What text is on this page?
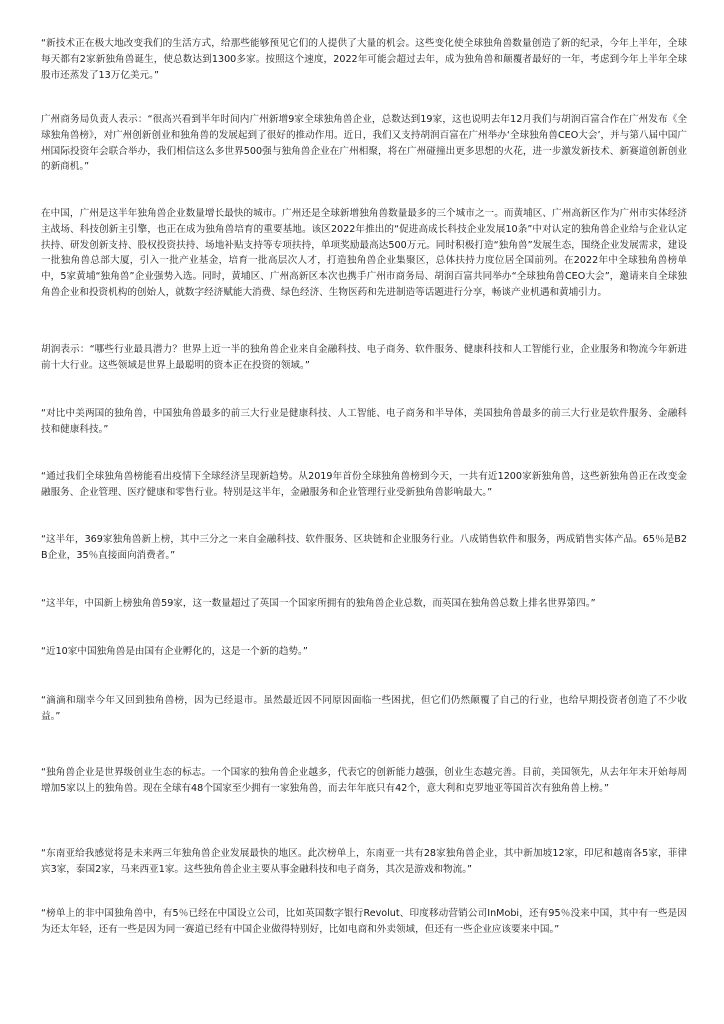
“新技术正在极大地改变我们的生活方式，给那些能够预见它们的人提供了大量的机会。这些变化使全球独角兽数量创造了新的纪录，今年上半年，全球每天都有2家新独角兽诞生，使总数达到1300多家。按照这个速度，2022年可能会超过去年，成为独角兽和颠覆者最好的一年，考虑到今年上半年全球股市还蒸发了13万亿美元。”

广州商务局负责人表示：“很高兴看到半年时间内广州新增9家全球独角兽企业，总数达到19家，这也说明去年12月我们与胡润百富合作在广州发布《全球独角兽榜》，对广州创新创业和独角兽的发展起到了很好的推动作用。近日，我们又支持胡润百富在广州举办‘全球独角兽CEO大会’，并与第八届中国广州国际投资年会联合举办，我们相信这么多世界500强与独角兽企业在广州相聚，将在广州碰撞出更多思想的火花，进一步激发新技术、新赛道创新创业的新商机。”

在中国，广州是这半年独角兽企业数量增长最快的城市。广州还是全球新增独角兽数量最多的三个城市之一。而黄埔区、广州高新区作为广州市实体经济主战场、科技创新主引擎，也正在成为独角兽培育的重要基地。该区2022年推出的“促进高成长科技企业发展10条”中对认定的独角兽企业给与企业认定扶持、研发创新支持、股权投资扶持、场地补贴支持等专项扶持，单项奖励最高达500万元。同时积极打造“独角兽”发展生态，围绕企业发展需求，建设一批独角兽总部大厦，引入一批产业基金，培育一批高层次人才，打造独角兽企业集聚区，总体扶持力度位居全国前列。在2022年中全球独角兽榜单中，5家黄埔“独角兽”企业强势入选。同时，黄埔区、广州高新区本次也携手广州市商务局、胡润百富共同举办“全球独角兽CEO大会”，邀请来自全球独角兽企业和投资机构的创始人，就数字经济赋能大消费、绿色经济、生物医药和先进制造等话题进行分享，畅谈产业机遇和黄埔引力。

胡润表示：“哪些行业最具潜力？世界上近一半的独角兽企业来自金融科技、电子商务、软件服务、健康科技和人工智能行业，企业服务和物流今年新进前十大行业。这些领域是世界上最聪明的资本正在投资的领域。”

“对比中美两国的独角兽，中国独角兽最多的前三大行业是健康科技、人工智能、电子商务和半导体，美国独角兽最多的前三大行业是软件服务、金融科技和健康科技。”

“通过我们全球独角兽榜能看出疫情下全球经济呈现新趋势。从2019年首份全球独角兽榜到今天，一共有近1200家新独角兽，这些新独角兽正在改变金融服务、企业管理、医疗健康和零售行业。特别是这半年，金融服务和企业管理行业受新独角兽影响最大。”

“这半年，369家独角兽新上榜，其中三分之一来自金融科技、软件服务、区块链和企业服务行业。八成销售软件和服务，两成销售实体产品。65％是B2B企业，35％直接面向消费者。”

“这半年，中国新上榜独角兽59家，这一数量超过了英国一个国家所拥有的独角兽企业总数，而英国在独角兽总数上排名世界第四。”

“近10家中国独角兽是由国有企业孵化的，这是一个新的趋势。”

“滴滴和瑞幸今年又回到独角兽榜，因为已经退市。虽然最近因不同原因面临一些困扰，但它们仍然颠覆了自己的行业，也给早期投资者创造了不少收益。”

“独角兽企业是世界级创业生态的标志。一个国家的独角兽企业越多，代表它的创新能力越强，创业生态越完善。目前，美国领先，从去年年末开始每周增加5家以上的独角兽。现在全球有48个国家至少拥有一家独角兽，而去年年底只有42个，意大利和克罗地亚等国首次有独角兽上榜。”

“东南亚给我感觉将是未来两三年独角兽企业发展最快的地区。此次榜单上，东南亚一共有28家独角兽企业，其中新加坡12家，印尼和越南各5家，菲律宾3家，泰国2家，马来西亚1家。这些独角兽企业主要从事金融科技和电子商务，其次是游戏和物流。”

“榜单上的非中国独角兽中，有5％已经在中国设立公司，比如英国数字银行Revolut、印度移动营销公司InMobi，还有95％没来中国，其中有一些是因为还太年轻，还有一些是因为同一赛道已经有中国企业做得特别好，比如电商和外卖领域，但还有一些企业应该要来中国。”
